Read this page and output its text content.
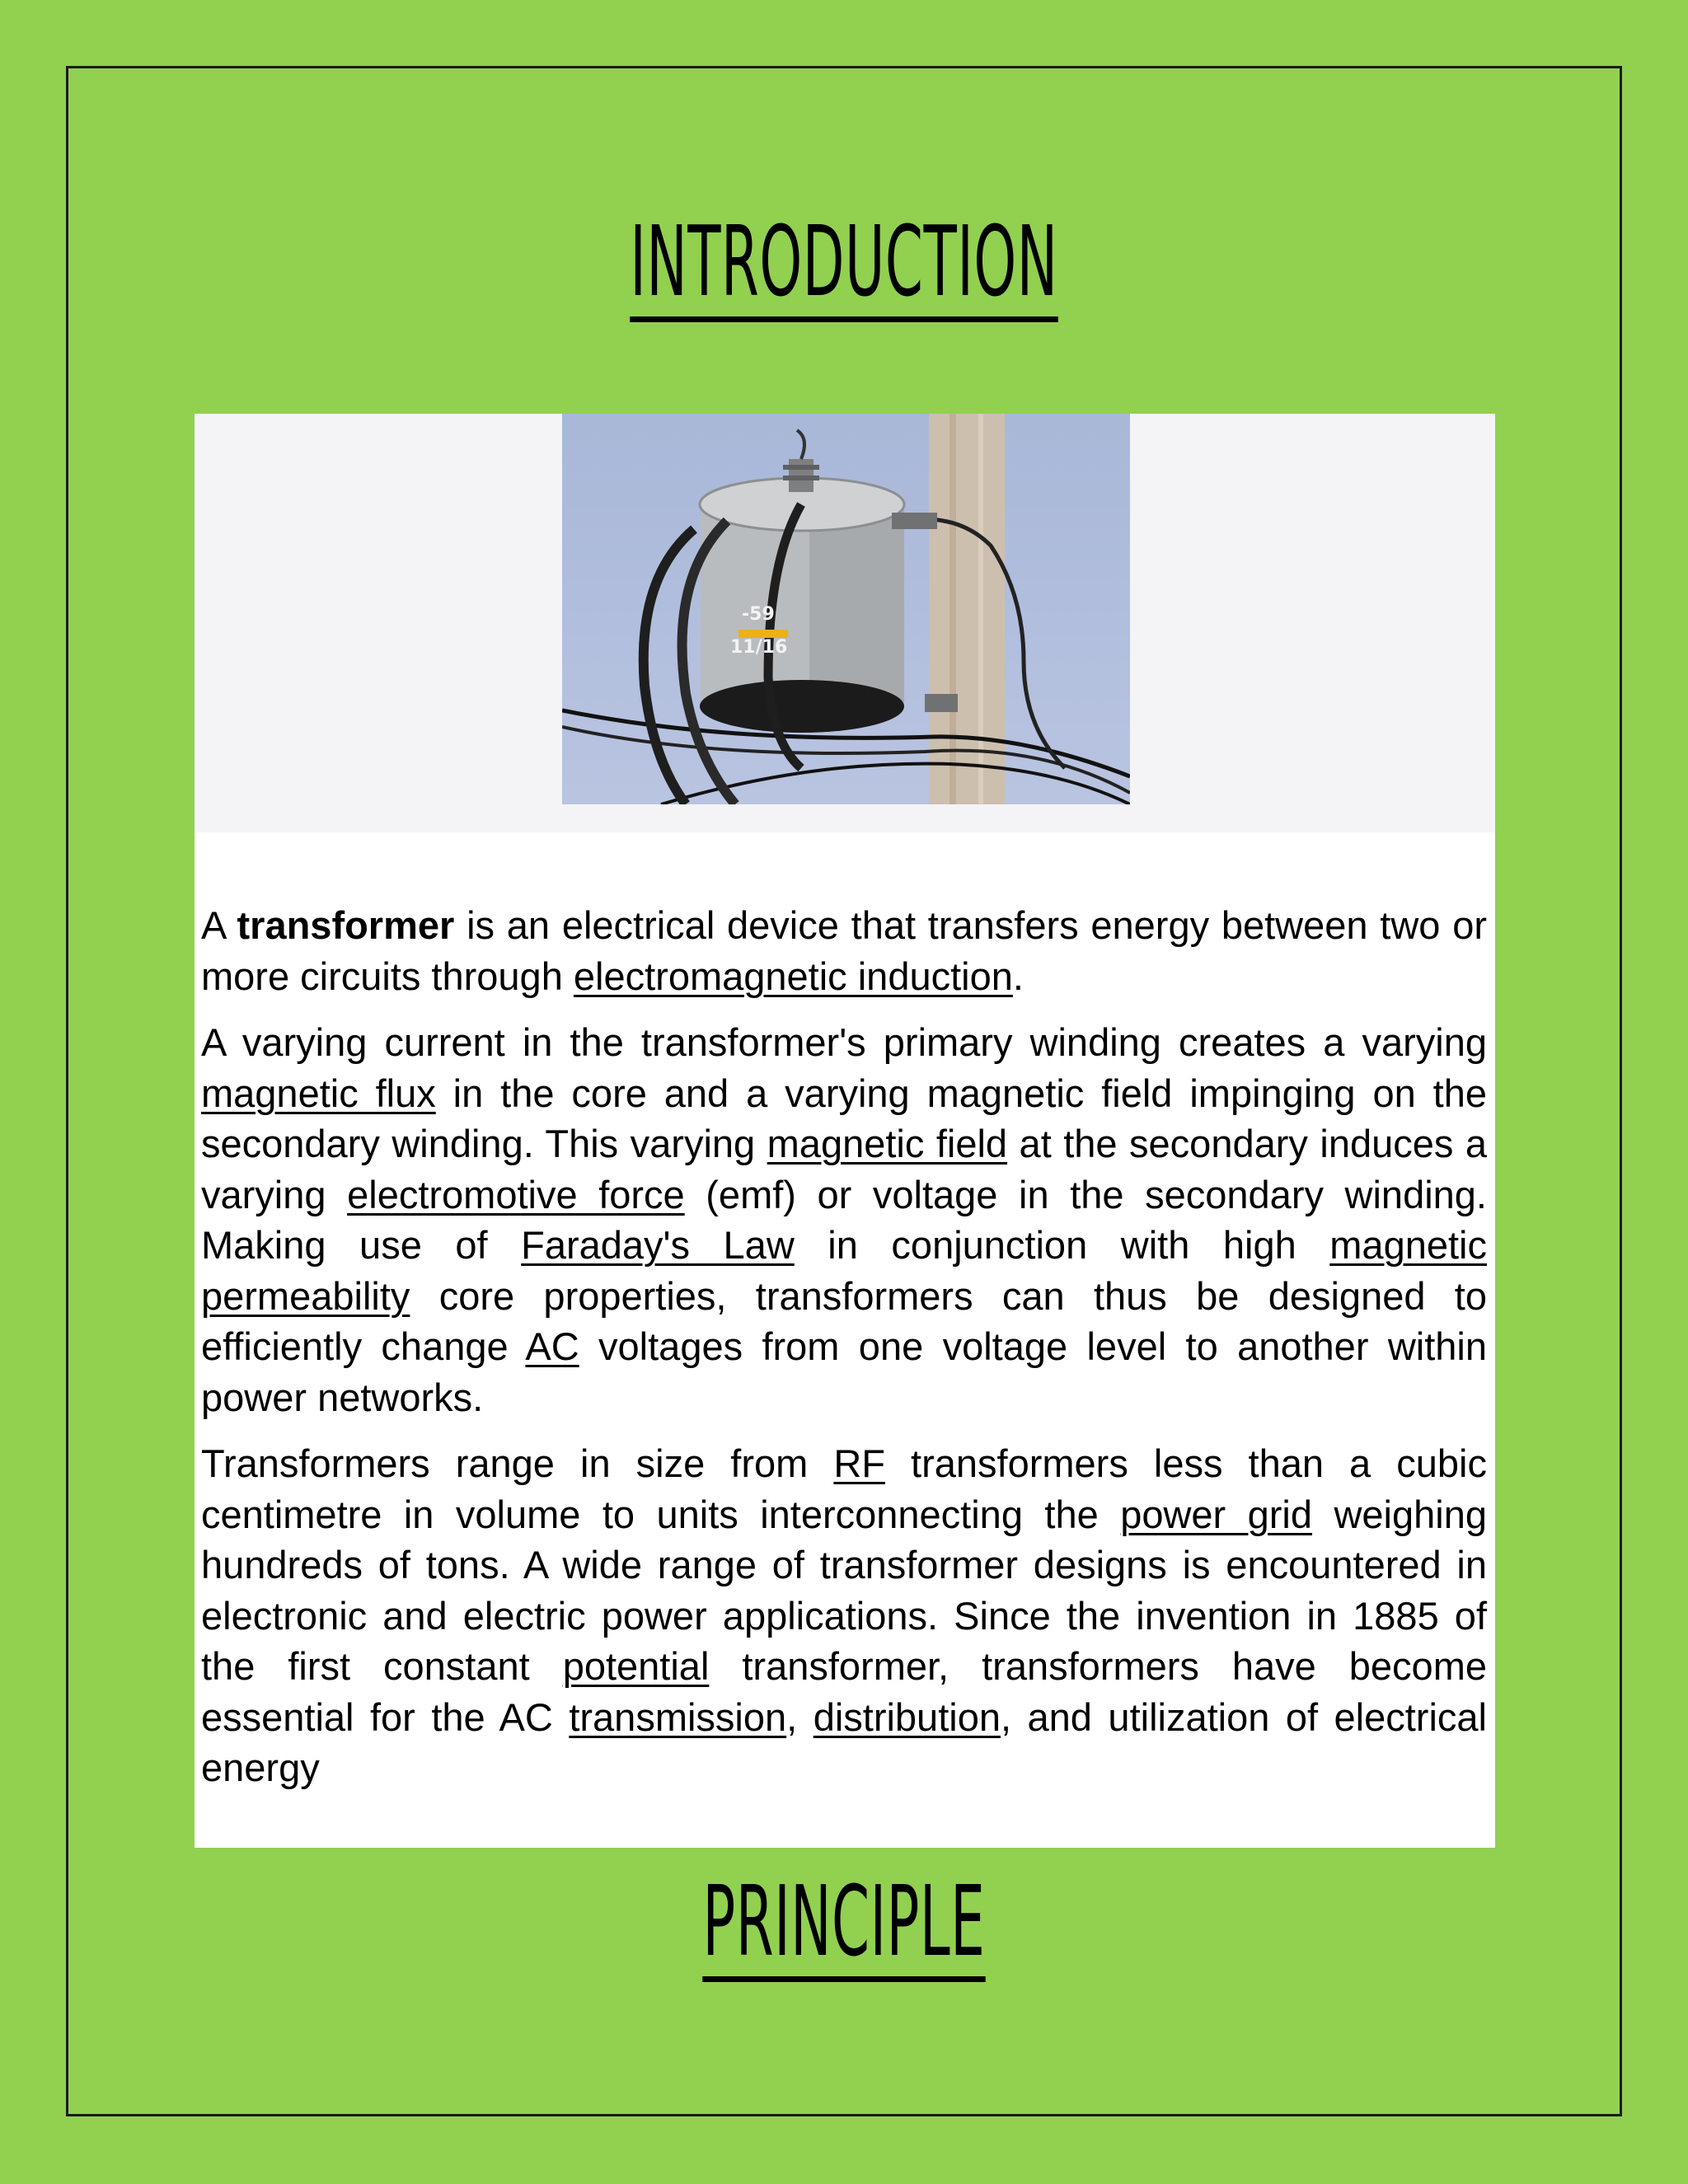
INTRODUCTION
-59
11/16

A transformer is an electrical device that transfers energy between two or more circuits through electromagnetic induction.

A varying current in the transformer's primary winding creates a varying magnetic flux in the core and a varying magnetic field impinging on the secondary winding. This varying magnetic field at the secondary induces a varying electromotive force (emf) or voltage in the secondary winding. Making use of Faraday's Law in conjunction with high magnetic permeability core properties, transformers can thus be designed to efficiently change AC voltages from one voltage level to another within power networks.

Transformers range in size from RF transformers less than a cubic centimetre in volume to units interconnecting the power grid weighing hundreds of tons. A wide range of transformer designs is encountered in electronic and electric power applications. Since the invention in 1885 of the first constant potential transformer, transformers have become essential for the AC transmission, distribution, and utilization of electrical energy

PRINCIPLE
